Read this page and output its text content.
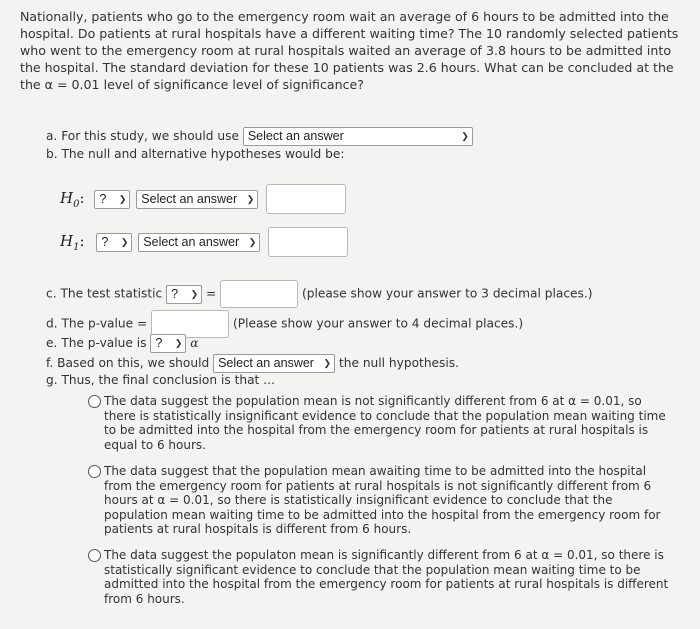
Nationally, patients who go to the emergency room wait an average of 6 hours to be admitted into the hospital. Do patients at rural hospitals have a different waiting time? The 10 randomly selected patients who went to the emergency room at rural hospitals waited an average of 3.8 hours to be admitted into the hospital. The standard deviation for these 10 patients was 2.6 hours. What can be concluded at the the α = 0.01 level of significance level of significance?
a. For this study, we should use Select an answer	❯
b. The null and alternative hypotheses would be:
$H_0$: ? ❯ Select an answer ❯

$H_1$: ? ❯ Select an answer ❯

c. The test statistic ? ❯ =	(please show your answer to 3 decimal places.)
d. The p-value =	(Please show your answer to 4 decimal places.)
e. The p-value is ? ❯ α
f. Based on this, we should Select an answer ❯ the null hypothesis.
g. Thus, the final conclusion is that ...
The data suggest the population mean is not significantly different from 6 at α = 0.01, so there is statistically insignificant evidence to conclude that the population mean waiting time to be admitted into the hospital from the emergency room for patients at rural hospitals is equal to 6 hours.
The data suggest that the population mean awaiting time to be admitted into the hospital from the emergency room for patients at rural hospitals is not significantly different from 6 hours at α = 0.01, so there is statistically insignificant evidence to conclude that the population mean waiting time to be admitted into the hospital from the emergency room for patients at rural hospitals is different from 6 hours.
The data suggest the populaton mean is significantly different from 6 at α = 0.01, so there is statistically significant evidence to conclude that the population mean waiting time to be admitted into the hospital from the emergency room for patients at rural hospitals is different from 6 hours.
